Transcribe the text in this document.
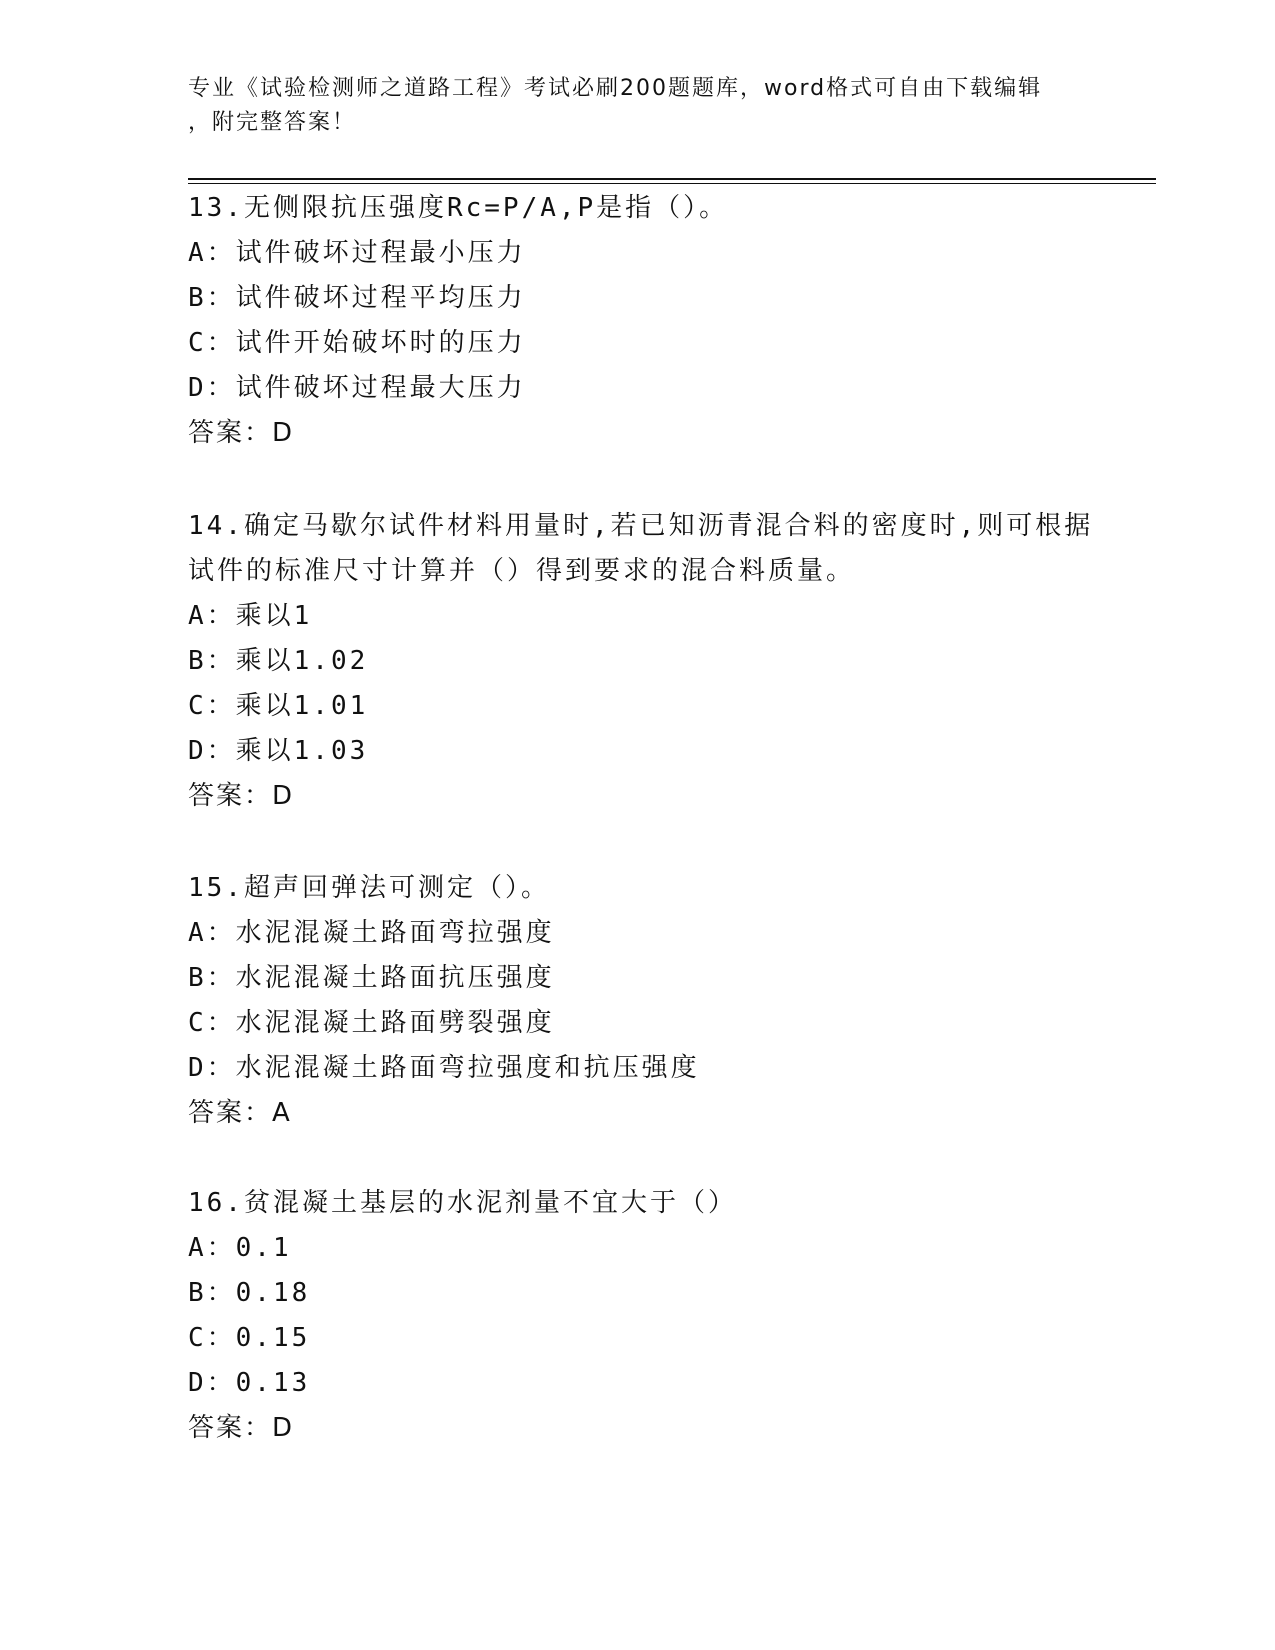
专业《试验检测师之道路工程》考试必刷200题题库，word格式可自由下载编辑
，附完整答案！
13.无侧限抗压强度Rc=P/A,P是指（）。
A：试件破坏过程最小压力
B：试件破坏过程平均压力
C：试件开始破坏时的压力
D：试件破坏过程最大压力
答案：D
14.确定马歇尔试件材料用量时,若已知沥青混合料的密度时,则可根据
试件的标准尺寸计算并（）得到要求的混合料质量。
A：乘以1
B：乘以1.02
C：乘以1.01
D：乘以1.03
答案：D
15.超声回弹法可测定（）。
A：水泥混凝土路面弯拉强度
B：水泥混凝土路面抗压强度
C：水泥混凝土路面劈裂强度
D：水泥混凝土路面弯拉强度和抗压强度
答案：A
16.贫混凝土基层的水泥剂量不宜大于（）
A：0.1
B：0.18
C：0.15
D：0.13
答案：D
